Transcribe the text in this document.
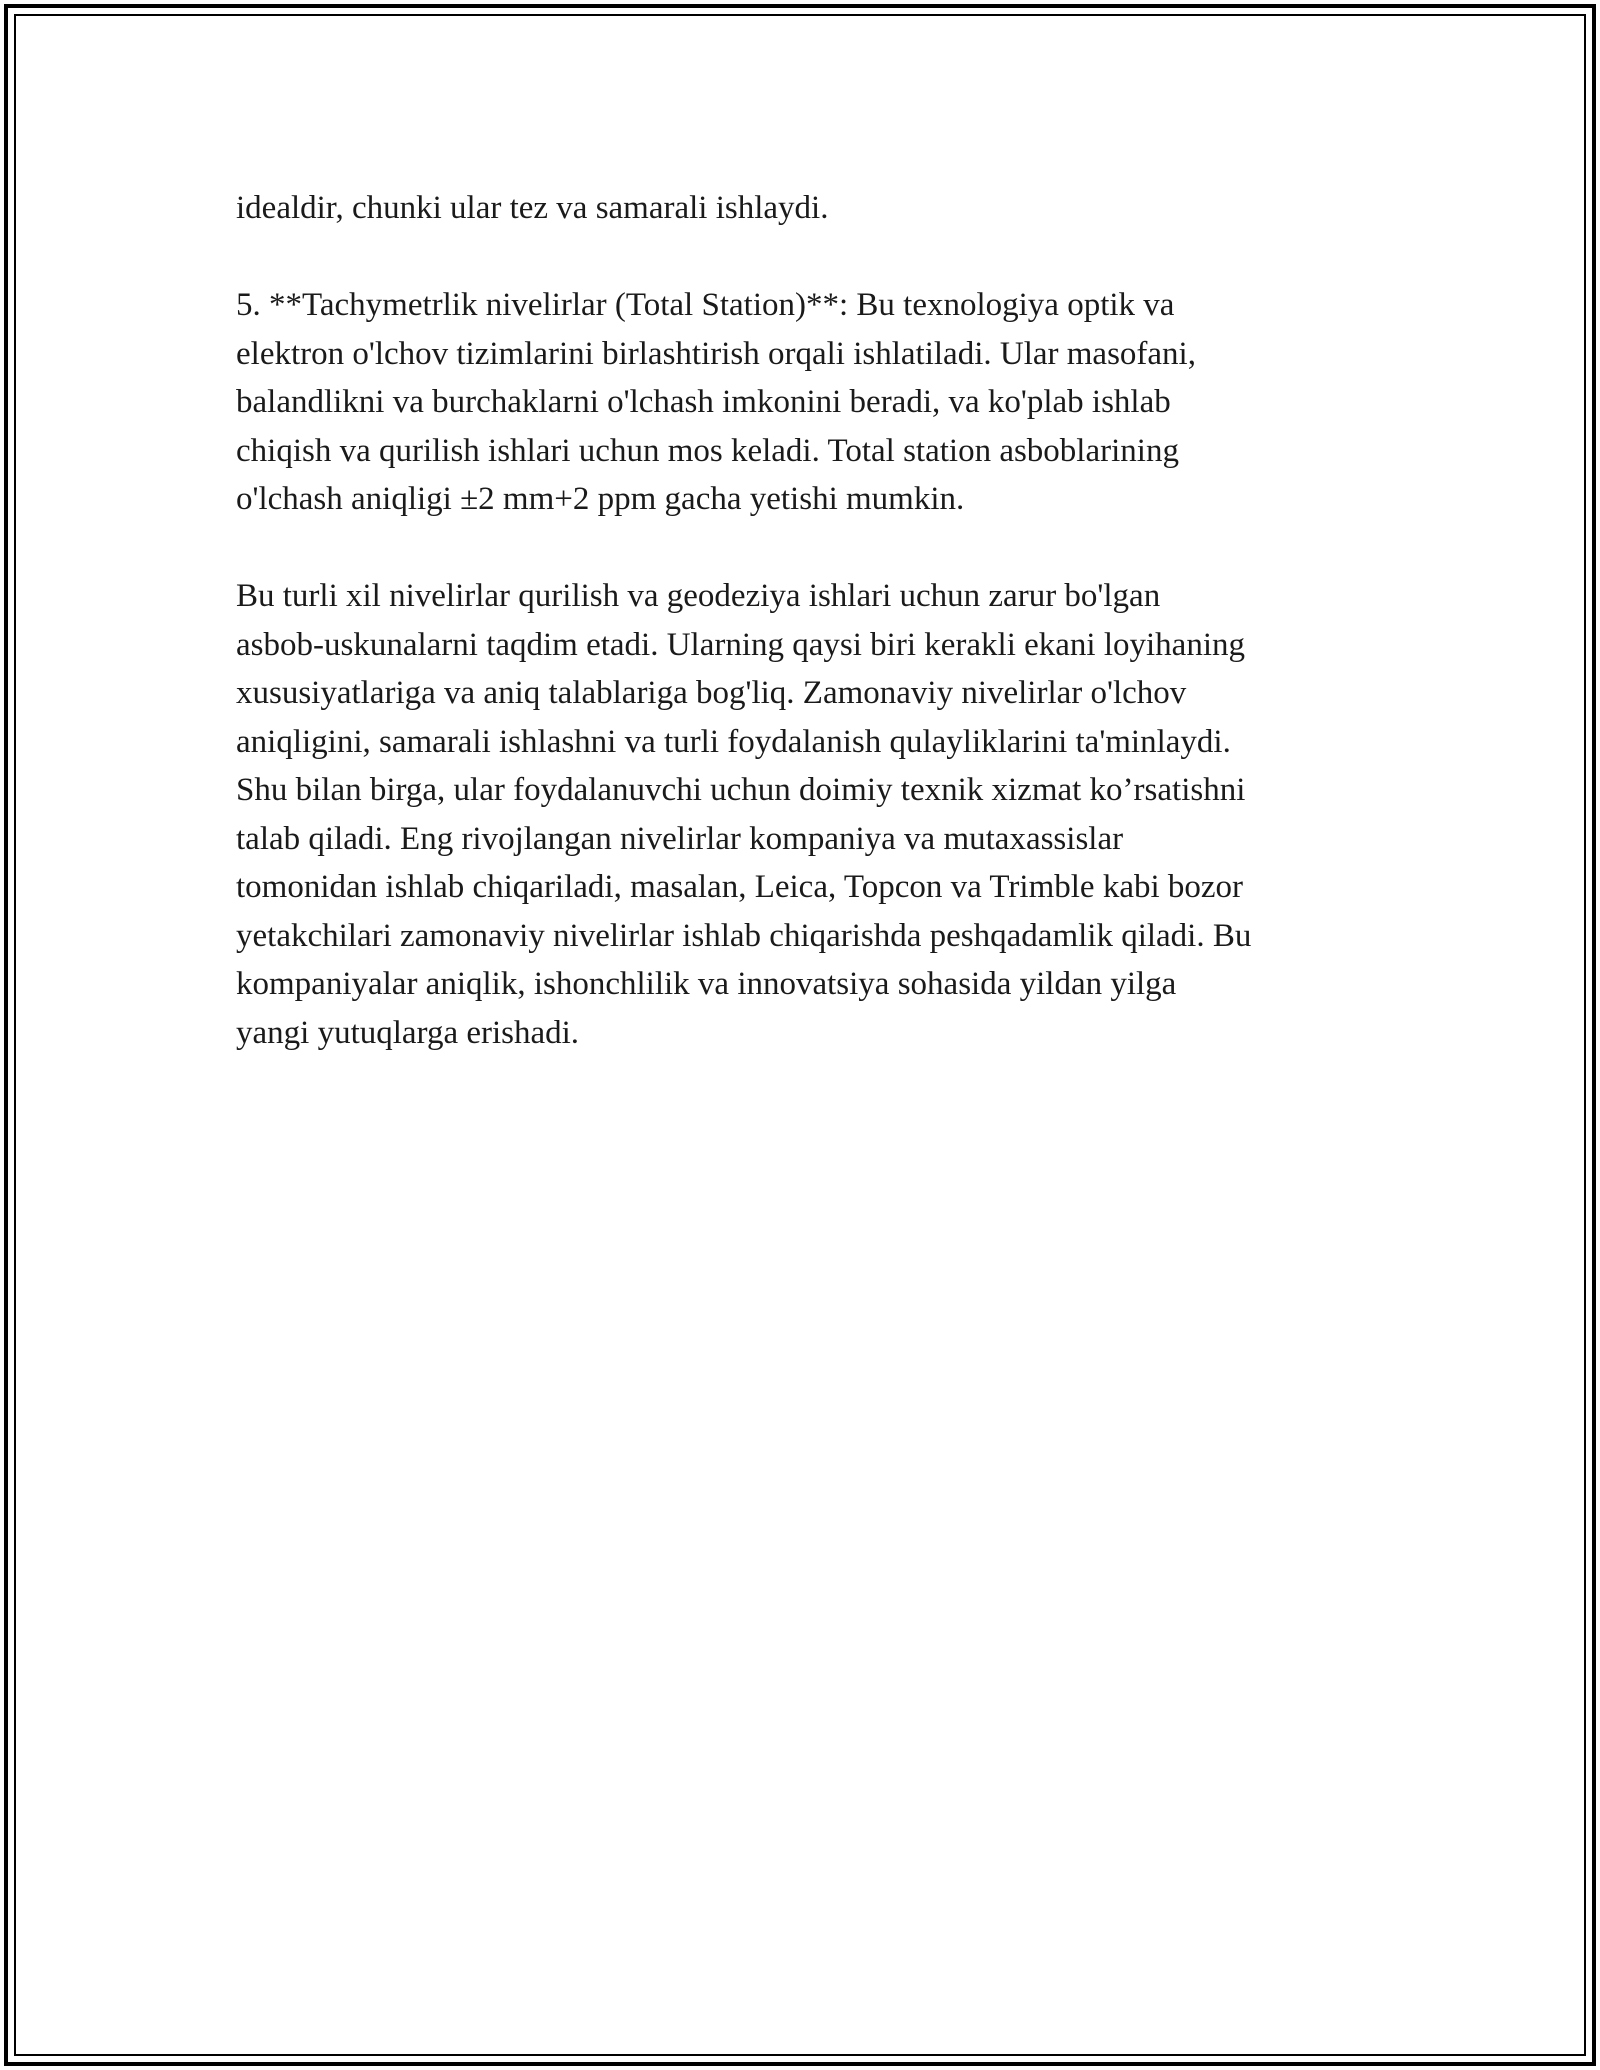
idealdir, chunki ular tez va samarali ishlaydi.

5. **Tachymetrlik nivelirlar (Total Station)**: Bu texnologiya optik va
elektron o'lchov tizimlarini birlashtirish orqali ishlatiladi. Ular masofani,
balandlikni va burchaklarni o'lchash imkonini beradi, va ko'plab ishlab
chiqish va qurilish ishlari uchun mos keladi. Total station asboblarining
o'lchash aniqligi ±2 mm+2 ppm gacha yetishi mumkin.

Bu turli xil nivelirlar qurilish va geodeziya ishlari uchun zarur bo'lgan
asbob-uskunalarni taqdim etadi. Ularning qaysi biri kerakli ekani loyihaning
xususiyatlariga va aniq talablariga bog'liq. Zamonaviy nivelirlar o'lchov
aniqligini, samarali ishlashni va turli foydalanish qulayliklarini ta'minlaydi.
Shu bilan birga, ular foydalanuvchi uchun doimiy texnik xizmat ko’rsatishni
talab qiladi. Eng rivojlangan nivelirlar kompaniya va mutaxassislar
tomonidan ishlab chiqariladi, masalan, Leica, Topcon va Trimble kabi bozor
yetakchilari zamonaviy nivelirlar ishlab chiqarishda peshqadamlik qiladi. Bu
kompaniyalar aniqlik, ishonchlilik va innovatsiya sohasida yildan yilga
yangi yutuqlarga erishadi.
